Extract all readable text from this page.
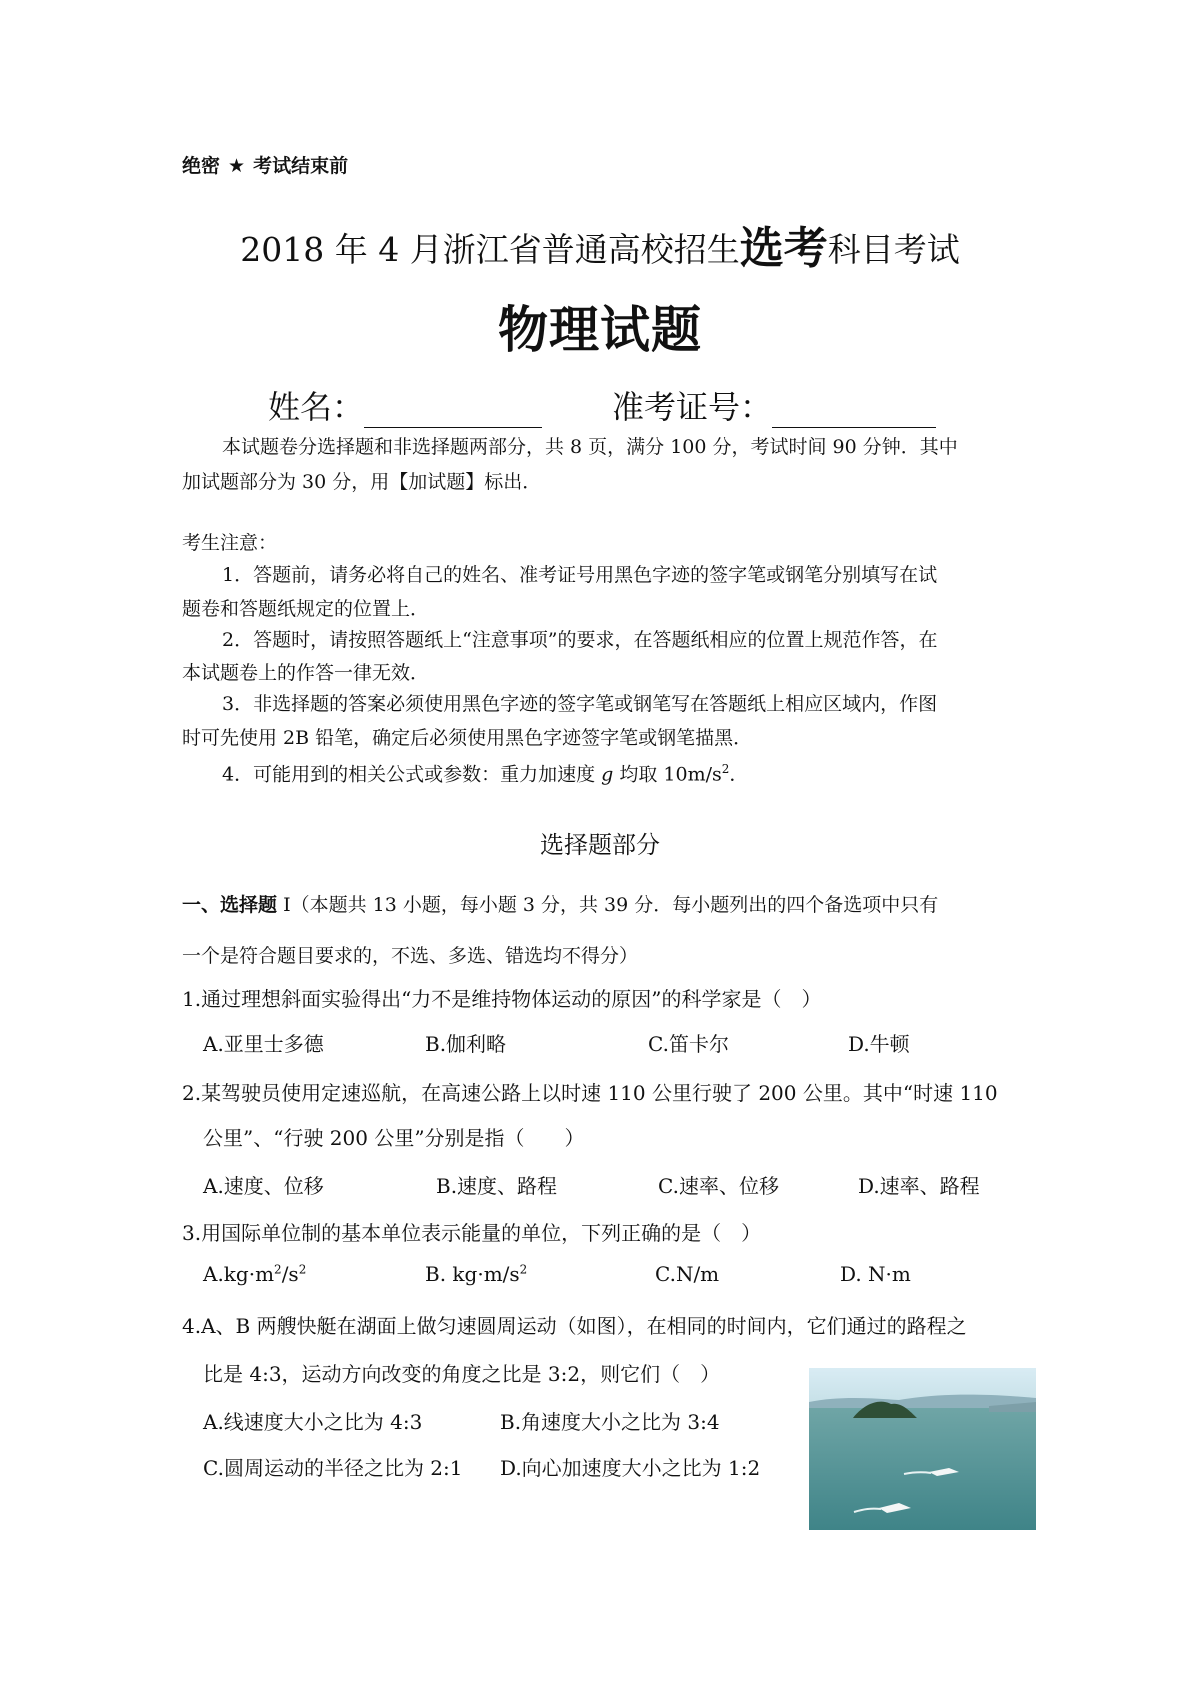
绝密 ★ 考试结束前
2018 年 4 月浙江省普通高校招生选考科目考试
物理试题
姓名：	准考证号：
本试题卷分选择题和非选择题两部分，共 8 页，满分 100 分，考试时间 90 分钟．其中
加试题部分为 30 分，用【加试题】标出．
考生注意：
1．答题前，请务必将自己的姓名、准考证号用黑色字迹的签字笔或钢笔分别填写在试
题卷和答题纸规定的位置上．
2．答题时，请按照答题纸上“注意事项”的要求，在答题纸相应的位置上规范作答，在
本试题卷上的作答一律无效．
3．非选择题的答案必须使用黑色字迹的签字笔或钢笔写在答题纸上相应区域内，作图
时可先使用 2B 铅笔，确定后必须使用黑色字迹签字笔或钢笔描黑．
4．可能用到的相关公式或参数：重力加速度 g 均取 $10m/s^2$．
选择题部分
一、选择题 I（本题共 13 小题，每小题 3 分，共 39 分．每小题列出的四个备选项中只有
一个是符合题目要求的，不选、多选、错选均不得分）
1.通过理想斜面实验得出“力不是维持物体运动的原因”的科学家是（　）
A.亚里士多德	B.伽利略	C.笛卡尔	D.牛顿
2.某驾驶员使用定速巡航，在高速公路上以时速 110 公里行驶了 200 公里。其中“时速 110
公里”、“行驶 200 公里”分别是指（　　）
A.速度、位移	B.速度、路程	C.速率、位移	D.速率、路程
3.用国际单位制的基本单位表示能量的单位，下列正确的是（　）
$A.kg\cdot m^2/s^2$	B. $kg\cdot m/s^2$	C.N/m	D. N·m
4.A、B 两艘快艇在湖面上做匀速圆周运动（如图），在相同的时间内，它们通过的路程之
比是 4:3，运动方向改变的角度之比是 3:2，则它们（　）
A.线速度大小之比为 4:3	B.角速度大小之比为 3:4
C.圆周运动的半径之比为 2:1 D.向心加速度大小之比为 1:2
